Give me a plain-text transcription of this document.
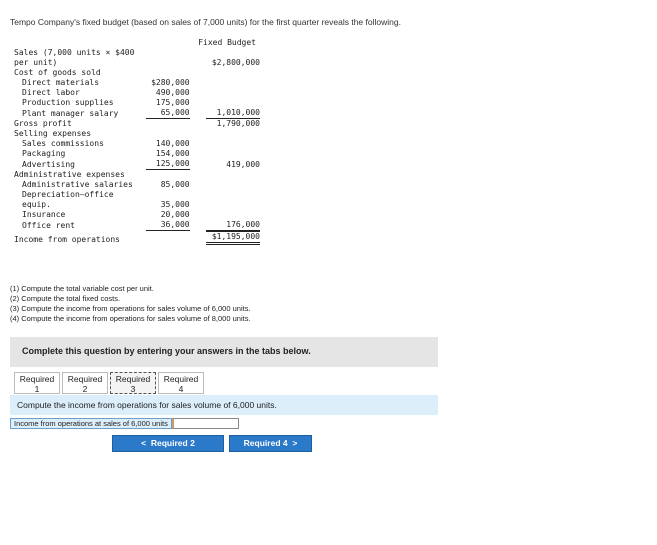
Tempo Company's fixed budget (based on sales of 7,000 units) for the first quarter reveals the following.
	Fixed Budget	
Sales (7,000 units × $400 per unit)		$2,800,000
Cost of goods sold		
Direct materials	$280,000	
Direct labor	490,000	
Production supplies	175,000	
Plant manager salary	65,000	1,010,000
Gross profit		1,790,000
Selling expenses		
Sales commissions	140,000	
Packaging	154,000	
Advertising	125,000	419,000
Administrative expenses		
Administrative salaries	85,000	
Depreciation—office equip.	35,000	
Insurance	20,000	
Office rent	36,000	176,000
Income from operations		$1,195,000
(1) Compute the total variable cost per unit.
(2) Compute the total fixed costs.
(3) Compute the income from operations for sales volume of 6,000 units.
(4) Compute the income from operations for sales volume of 8,000 units.
Complete this question by entering your answers in the tabs below.
Required
1
Required
2
Required
3
Required
4
Compute the income from operations for sales volume of 6,000 units.
Income from operations at sales of 6,000 units
< Required 2	Required 4 >
